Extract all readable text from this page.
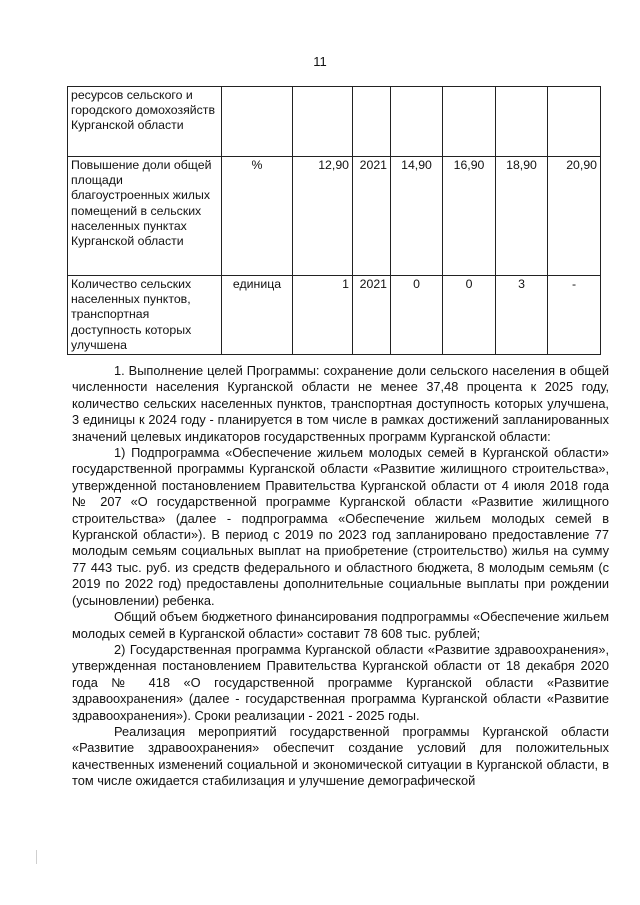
11
ресурсов сельского и городского домохозяйств Курганской области							
Повышение доли общей площади благоустроенных жилых помещений в сельских населенных пунктах Курганской области	%	12,90	2021	14,90	16,90	18,90	20,90
Количество сельских населенных пунктов, транспортная доступность которых улучшена	единица	1	2021	0	0	3	-

1. Выполнение целей Программы: сохранение доли сельского населения в общей численности населения Курганской области не менее 37,48 процента к 2025 году, количество сельских населенных пунктов, транспортная доступность которых улучшена, 3 единицы к 2024 году - планируется в том числе в рамках достижений запланированных значений целевых индикаторов государственных программ Курганской области:

1) Подпрограмма «Обеспечение жильем молодых семей в Курганской области» государственной программы Курганской области «Развитие жилищного строительства», утвержденной постановлением Правительства Курганской области от 4 июля 2018 года № 207 «О государственной программе Курганской области «Развитие жилищного строительства» (далее - подпрограмма «Обеспечение жильем молодых семей в Курганской области»). В период с 2019 по 2023 год запланировано предоставление 77 молодым семьям социальных выплат на приобретение (строительство) жилья на сумму 77 443 тыс. руб. из средств федерального и областного бюджета, 8 молодым семьям (с 2019 по 2022 год) предоставлены дополнительные социальные выплаты при рождении (усыновлении) ребенка.

Общий объем бюджетного финансирования подпрограммы «Обеспечение жильем молодых семей в Курганской области» составит 78 608 тыс. рублей;

2) Государственная программа Курганской области «Развитие здравоохранения», утвержденная постановлением Правительства Курганской области от 18 декабря 2020 года № 418 «О государственной программе Курганской области «Развитие здравоохранения» (далее - государственная программа Курганской области «Развитие здравоохранения»). Сроки реализации - 2021 - 2025 годы.

Реализация мероприятий государственной программы Курганской области «Развитие здравоохранения» обеспечит создание условий для положительных качественных изменений социальной и экономической ситуации в Курганской области, в том числе ожидается стабилизация и улучшение демографической
